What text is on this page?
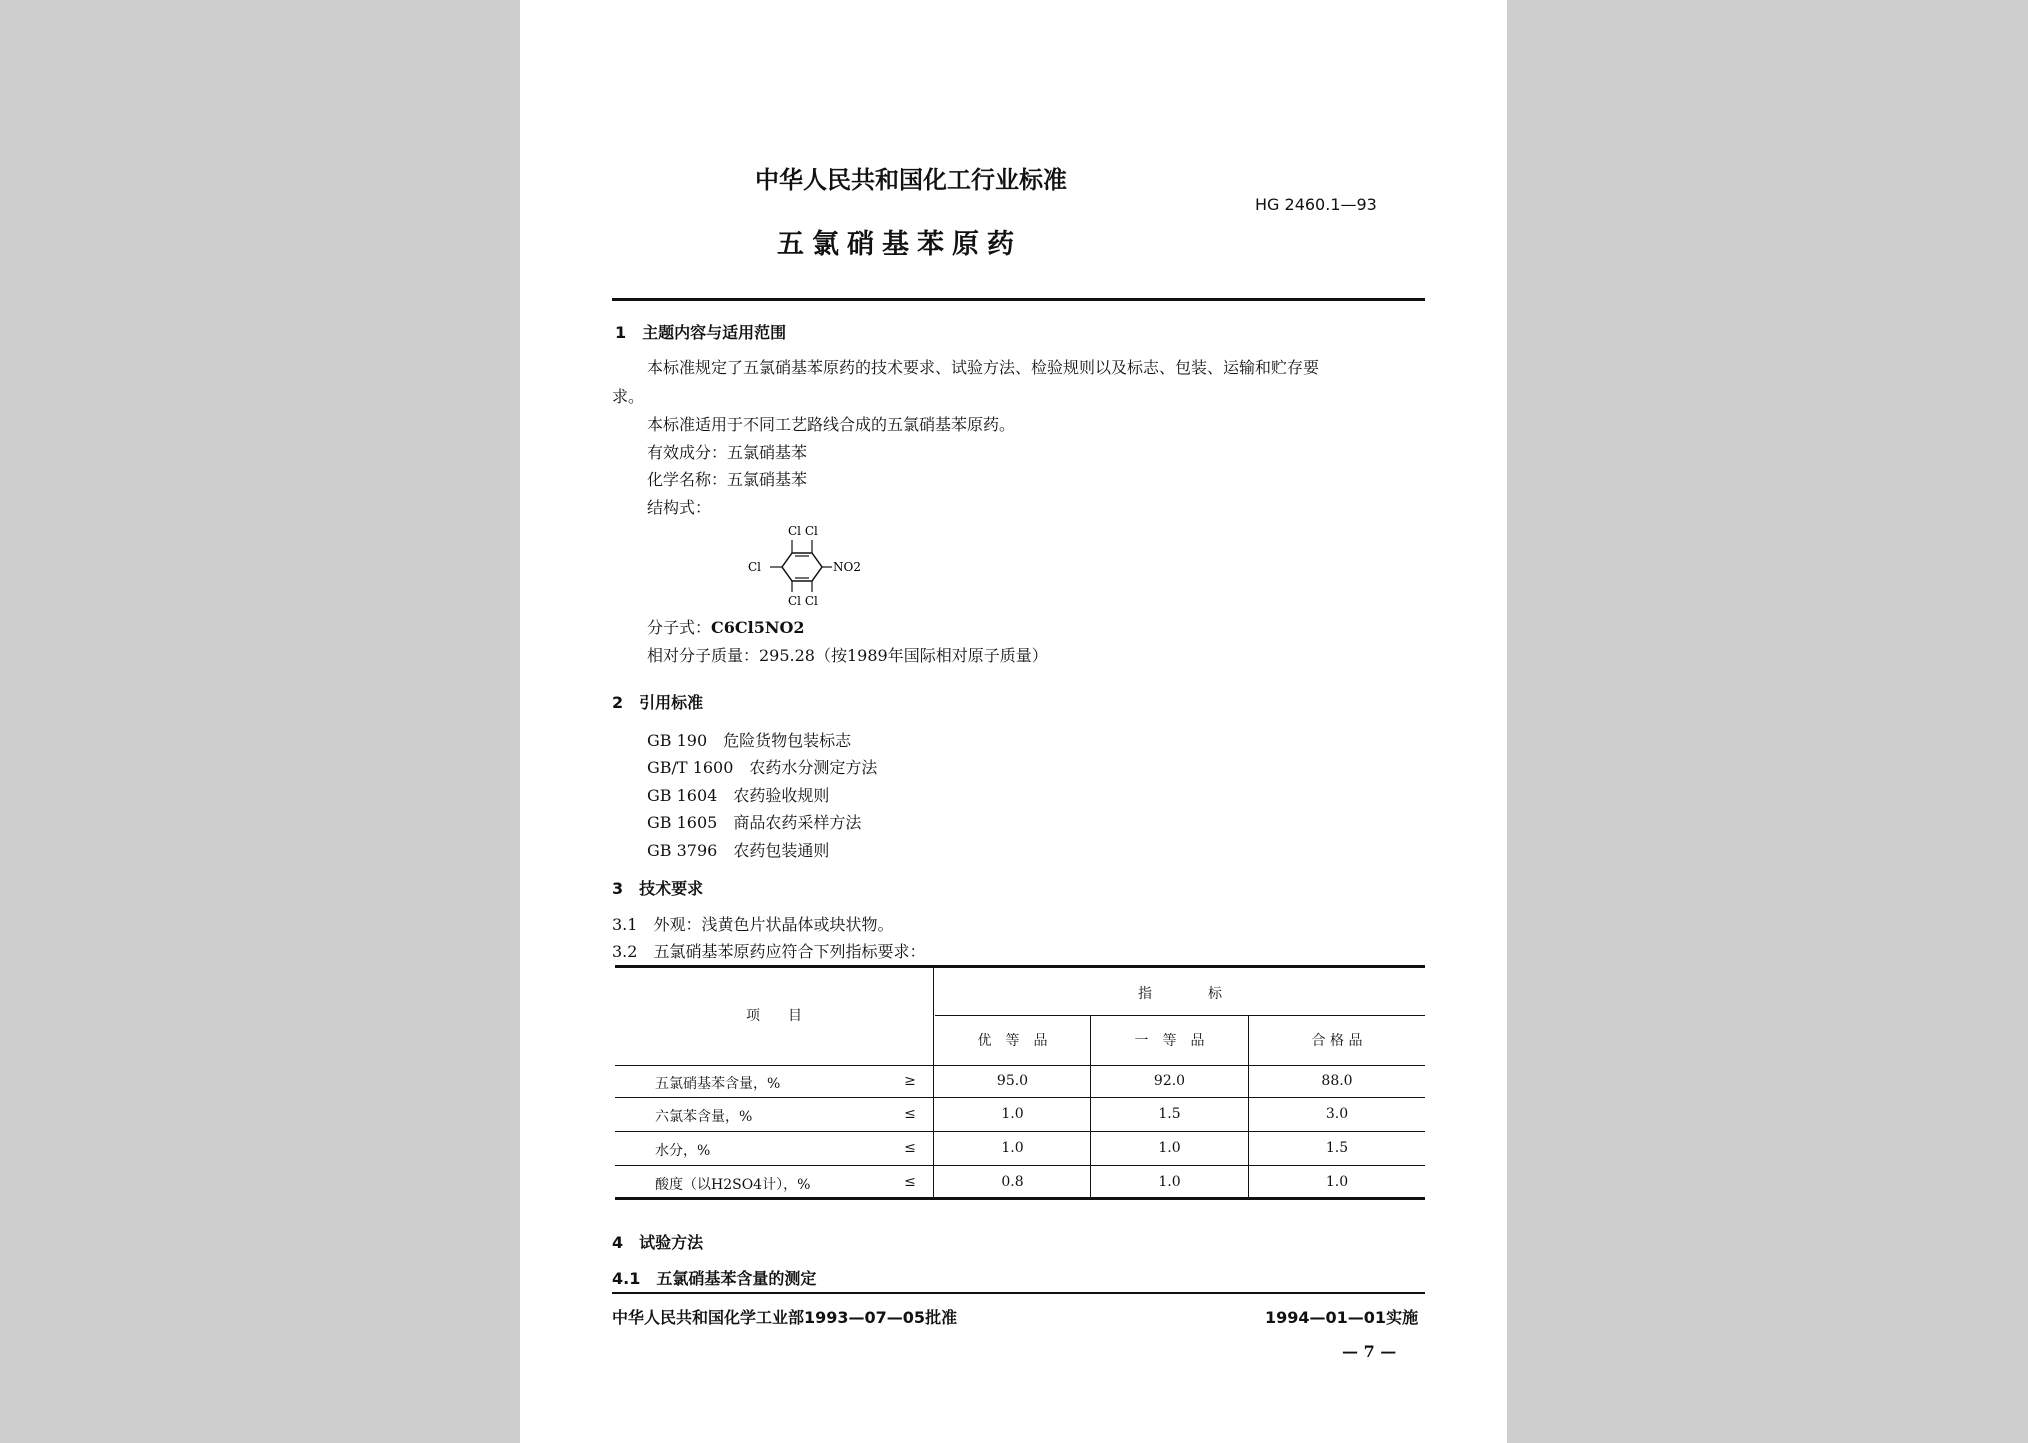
中华人民共和国化工行业标准
HG 2460.1—93
五氯硝基苯原药
1　主题内容与适用范围
本标准规定了五氯硝基苯原药的技术要求、试验方法、检验规则以及标志、包装、运输和贮存要
求。
本标准适用于不同工艺路线合成的五氯硝基苯原药。
有效成分：五氯硝基苯
化学名称：五氯硝基苯
结构式：
Cl Cl
Cl	NO2
Cl Cl
分子式：C6Cl5NO2
相对分子质量：295.28（按1989年国际相对原子质量）
2　引用标准
GB 190　危险货物包装标志
GB/T 1600　农药水分测定方法
GB 1604　农药验收规则
GB 1605　商品农药采样方法
GB 3796　农药包装通则
3　技术要求
3.1　外观：浅黄色片状晶体或块状物。
3.2　五氯硝基苯原药应符合下列指标要求：
项　　目
指　　　　标
优　等　品	一　等　品	合 格 品
五氯硝基苯含量，%	≥	95.0	92.0	88.0
六氯苯含量，%	≤	1.0	1.5	3.0
水分，%	≤	1.0	1.0	1.5
酸度（以H2SO4计），%	≤	0.8	1.0	1.0
4　试验方法
4.1　五氯硝基苯含量的测定
中华人民共和国化学工业部1993—07—05批准	1994—01—01实施
— 7 —
